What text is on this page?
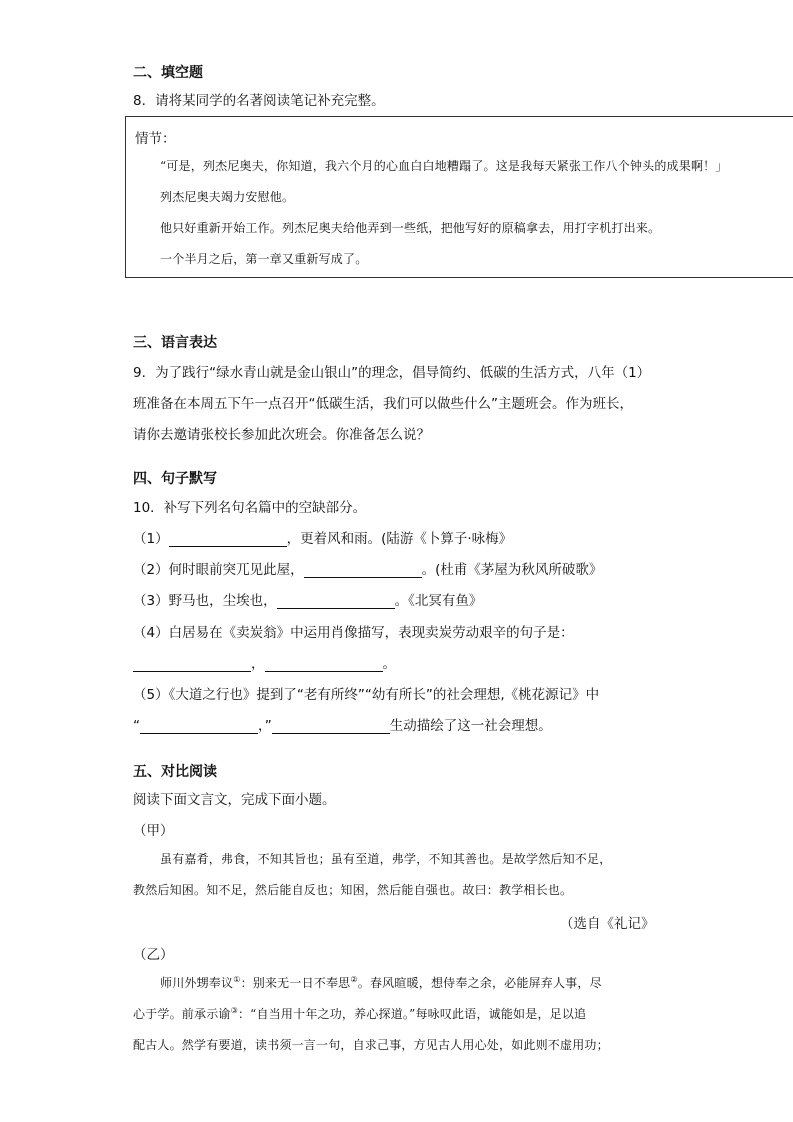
二、填空题
8．请将某同学的名著阅读笔记补充完整。
情节：
“可是，列杰尼奥夫，你知道，我六个月的心血白白地糟蹋了。这是我每天紧张工作八个钟头的成果啊！」
列杰尼奥夫竭力安慰他。
他只好重新开始工作。列杰尼奥夫给他弄到一些纸，把他写好的原稿拿去，用打字机打出来。
一个半月之后，第一章又重新写成了。
三、语言表达
9．为了践行“绿水青山就是金山银山”的理念，倡导简约、低碳的生活方式，八年（1）
班准备在本周五下午一点召开“低碳生活，我们可以做些什么”主题班会。作为班长，
请你去邀请张校长参加此次班会。你准备怎么说？
四、句子默写
10．补写下列名句名篇中的空缺部分。
（1）	，更着风和雨。(陆游《卜算子·咏梅》
（2）何时眼前突兀见此屋，	。(杜甫《茅屋为秋风所破歌》
（3）野马也，尘埃也，	。《北冥有鱼》
（4）白居易在《卖炭翁》中运用肖像描写，表现卖炭劳动艰辛的句子是：
，	。
（5）《大道之行也》提到了“老有所终”“幼有所长”的社会理想,《桃花源记》中
“	，”	生动描绘了这一社会理想。
五、对比阅读
阅读下面文言文，完成下面小题。
（甲）
虽有嘉肴，弗食，不知其旨也；虽有至道，弗学，不知其善也。是故学然后知不足，
教然后知困。知不足，然后能自反也；知困，然后能自强也。故曰：教学相长也。
（选自《礼记》
（乙）
师川外甥奉议①：别来无一日不奉思②。春风暄暖，想侍奉之余，必能屏弃人事，尽
心于学。前承示谕③：“自当用十年之功，养心探道。”每咏叹此语，诚能如是，足以追
配古人。然学有要道，读书须一言一句，自求己事，方见古人用心处，如此则不虚用功；
